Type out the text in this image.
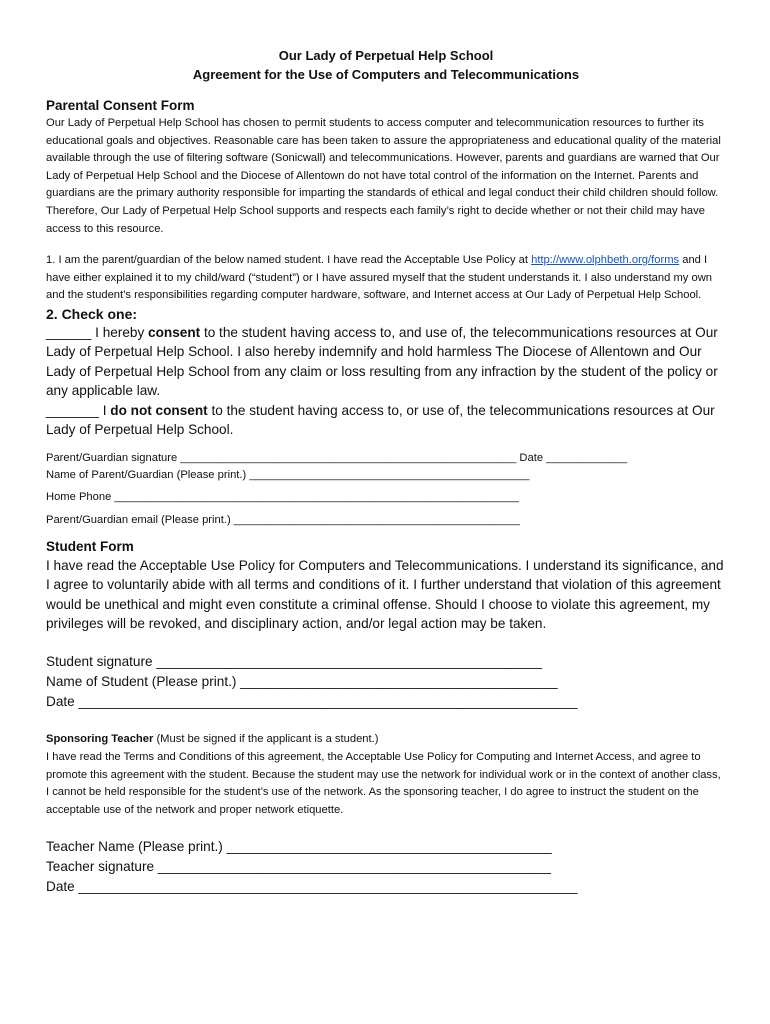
Our Lady of Perpetual Help School
Agreement for the Use of Computers and Telecommunications
Parental Consent Form

Our Lady of Perpetual Help School has chosen to permit students to access computer and telecommunication resources to further its educational goals and objectives. Reasonable care has been taken to assure the appropriateness and educational quality of the material available through the use of filtering software (Sonicwall) and telecommunications. However, parents and guardians are warned that Our Lady of Perpetual Help School and the Diocese of Allentown do not have total control of the information on the Internet. Parents and guardians are the primary authority responsible for imparting the standards of ethical and legal conduct their child children should follow. Therefore, Our Lady of Perpetual Help School supports and respects each family’s right to decide whether or not their child may have access to this resource.

1. I am the parent/guardian of the below named student. I have read the Acceptable Use Policy at http://www.olphbeth.org/forms and I have either explained it to my child/ward (“student”) or I have assured myself that the student understands it. I also understand my own and the student’s responsibilities regarding computer hardware, software, and Internet access at Our Lady of Perpetual Help School.

2. Check one:

______ I hereby consent to the student having access to, and use of, the telecommunications resources at Our Lady of Perpetual Help School. I also hereby indemnify and hold harmless The Diocese of Allentown and Our Lady of Perpetual Help School from any claim or loss resulting from any infraction by the student of the policy or any applicable law.

_______ I do not consent to the student having access to, or use of, the telecommunications resources at Our Lady of Perpetual Help School.

Parent/Guardian signature ______________________________________________________ Date _____________
Name of Parent/Guardian (Please print.) _____________________________________________
Home Phone _________________________________________________________________
Parent/Guardian email (Please print.) ______________________________________________
Student Form

I have read the Acceptable Use Policy for Computers and Telecommunications. I understand its significance, and I agree to voluntarily abide with all terms and conditions of it. I further understand that violation of this agreement would be unethical and might even constitute a criminal offense. Should I choose to violate this agreement, my privileges will be revoked, and disciplinary action, and/or legal action may be taken.

Student signature ___________________________________________________
Name of Student (Please print.) __________________________________________
Date __________________________________________________________________

Sponsoring Teacher (Must be signed if the applicant is a student.)

I have read the Terms and Conditions of this agreement, the Acceptable Use Policy for Computing and Internet Access, and agree to promote this agreement with the student. Because the student may use the network for individual work or in the context of another class, I cannot be held responsible for the student’s use of the network. As the sponsoring teacher, I do agree to instruct the student on the acceptable use of the network and proper network etiquette.

Teacher Name (Please print.) ___________________________________________
Teacher signature ____________________________________________________
Date __________________________________________________________________
